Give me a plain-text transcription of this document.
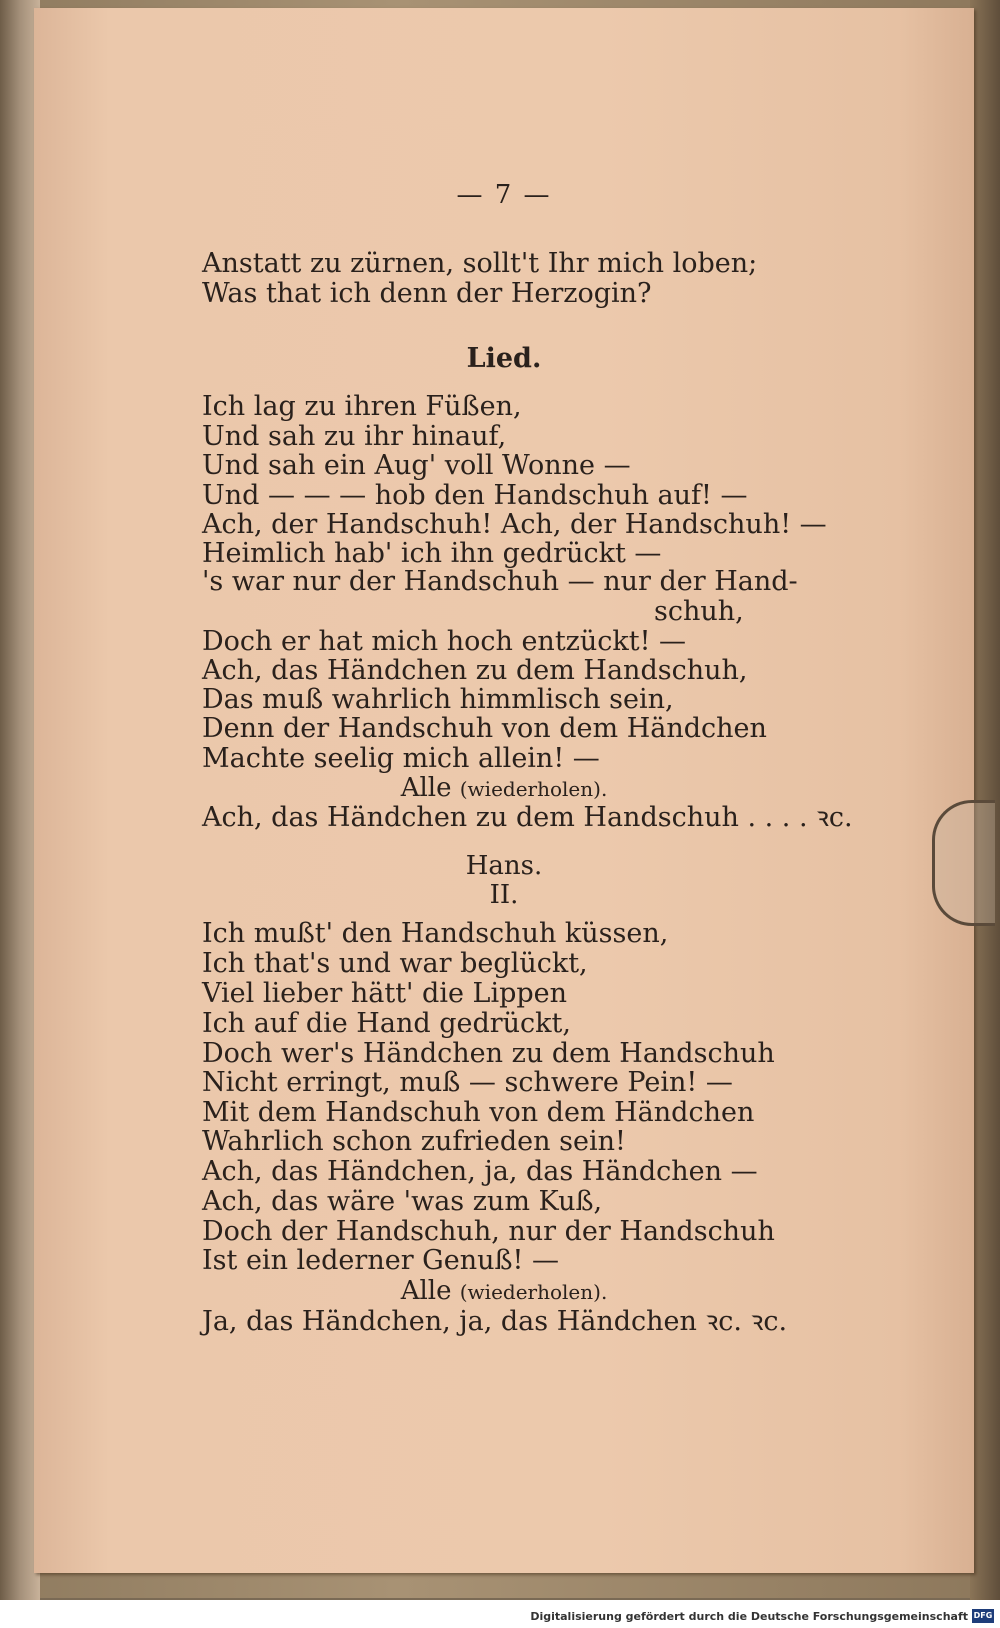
— 7 —
Anstatt zu zürnen, sollt't Ihr mich loben;
Was that ich denn der Herzogin?
Lied.
Ich lag zu ihren Füßen,
Und sah zu ihr hinauf,
Und sah ein Aug' voll Wonne —
Und — — — hob den Handschuh auf! —
Ach, der Handschuh! Ach, der Handschuh! —
Heimlich hab' ich ihn gedrückt —
's war nur der Handschuh — nur der Hand-
schuh,
Doch er hat mich hoch entzückt! —
Ach, das Händchen zu dem Handschuh,
Das muß wahrlich himmlisch sein,
Denn der Handschuh von dem Händchen
Machte seelig mich allein! —
Alle (wiederholen).
Ach, das Händchen zu dem Handschuh . . . . ꝛc.
Hans.
II.
Ich mußt' den Handschuh küssen,
Ich that's und war beglückt,
Viel lieber hätt' die Lippen
Ich auf die Hand gedrückt,
Doch wer's Händchen zu dem Handschuh
Nicht erringt, muß — schwere Pein! —
Mit dem Handschuh von dem Händchen
Wahrlich schon zufrieden sein!
Ach, das Händchen, ja, das Händchen —
Ach, das wäre 'was zum Kuß,
Doch der Handschuh, nur der Handschuh
Ist ein lederner Genuß! —
Alle (wiederholen).
Ja, das Händchen, ja, das Händchen ꝛc. ꝛc.
Digitalisierung gefördert durch die Deutsche Forschungsgemeinschaft DFG
